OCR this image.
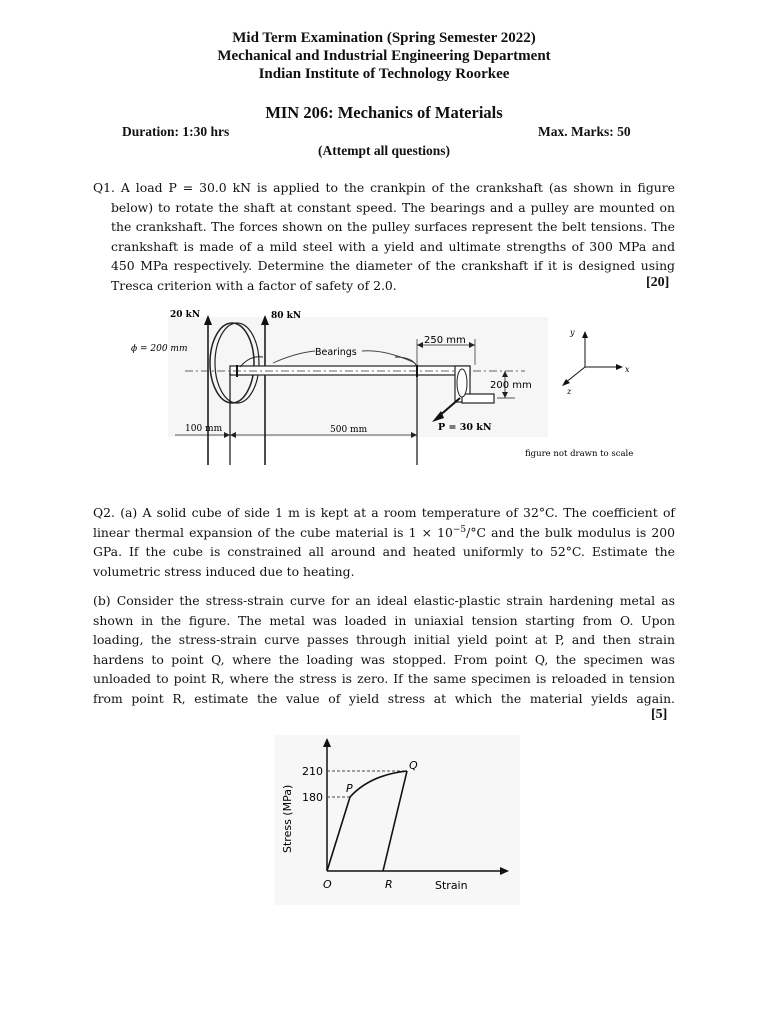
Mid Term Examination (Spring Semester 2022)
Mechanical and Industrial Engineering Department
Indian Institute of Technology Roorkee
MIN 206: Mechanics of Materials
Duration: 1:30 hrs	Max. Marks: 50
(Attempt all questions)
Q1. A load P = 30.0 kN is applied to the crankpin of the crankshaft (as shown in figure below) to rotate the shaft at constant speed. The bearings and a pulley are mounted on the crankshaft. The forces shown on the pulley surfaces represent the belt tensions. The crankshaft is made of a mild steel with a yield and ultimate strengths of 300 MPa and 450 MPa respectively. Determine the diameter of the crankshaft if it is designed using Tresca criterion with a factor of safety of 2.0.	[20]
20 kN	80 kN
ϕ = 200 mm	Bearings
P = 30 kN
250 mm
200 mm
100 mm	500 mm
y
x
z
figure not drawn to scale
Q2. (a) A solid cube of side 1 m is kept at a room temperature of 32°C. The coefficient of linear thermal expansion of the cube material is $1 \times 10^{-5}/^\circ C$ and the bulk modulus is 200 GPa. If the cube is constrained all around and heated uniformly to 52°C. Estimate the volumetric stress induced due to heating.
(b) Consider the stress-strain curve for an ideal elastic-plastic strain hardening metal as shown in the figure. The metal was loaded in uniaxial tension starting from O. Upon loading, the stress-strain curve passes through initial yield point at P, and then strain hardens to point Q, where the loading was stopped. From point Q, the specimen was unloaded to point R, where the stress is zero. If the same specimen is reloaded in tension from point R, estimate the value of yield stress at which the material yields again.
[5]
210
180
Stress (MPa)
Strain
O
P
Q
R
